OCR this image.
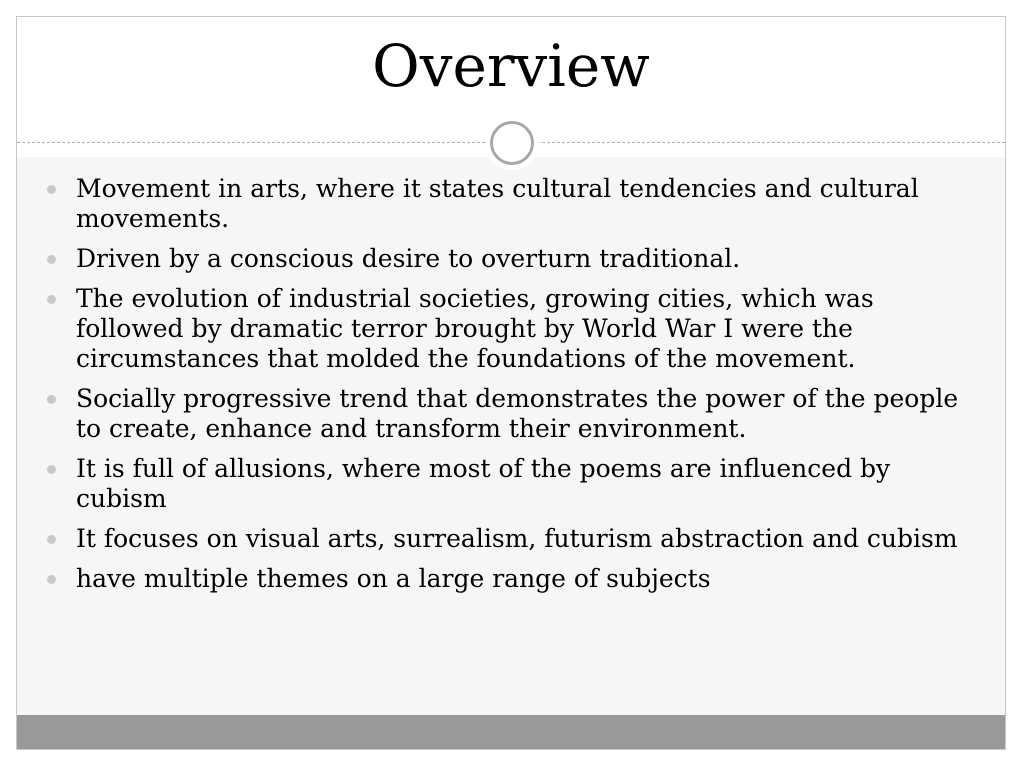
Overview
Movement in arts, where it states cultural tendencies and cultural movements.
Driven by a conscious desire to overturn traditional.
The evolution of industrial societies, growing cities, which was followed by dramatic terror brought by World War I were the circumstances that molded the foundations of the movement.
Socially progressive trend that demonstrates the power of the people to create, enhance and transform their environment.
It is full of allusions, where most of the poems are influenced by cubism
It focuses on visual arts, surrealism, futurism abstraction and cubism
have multiple themes on a large range of subjects
